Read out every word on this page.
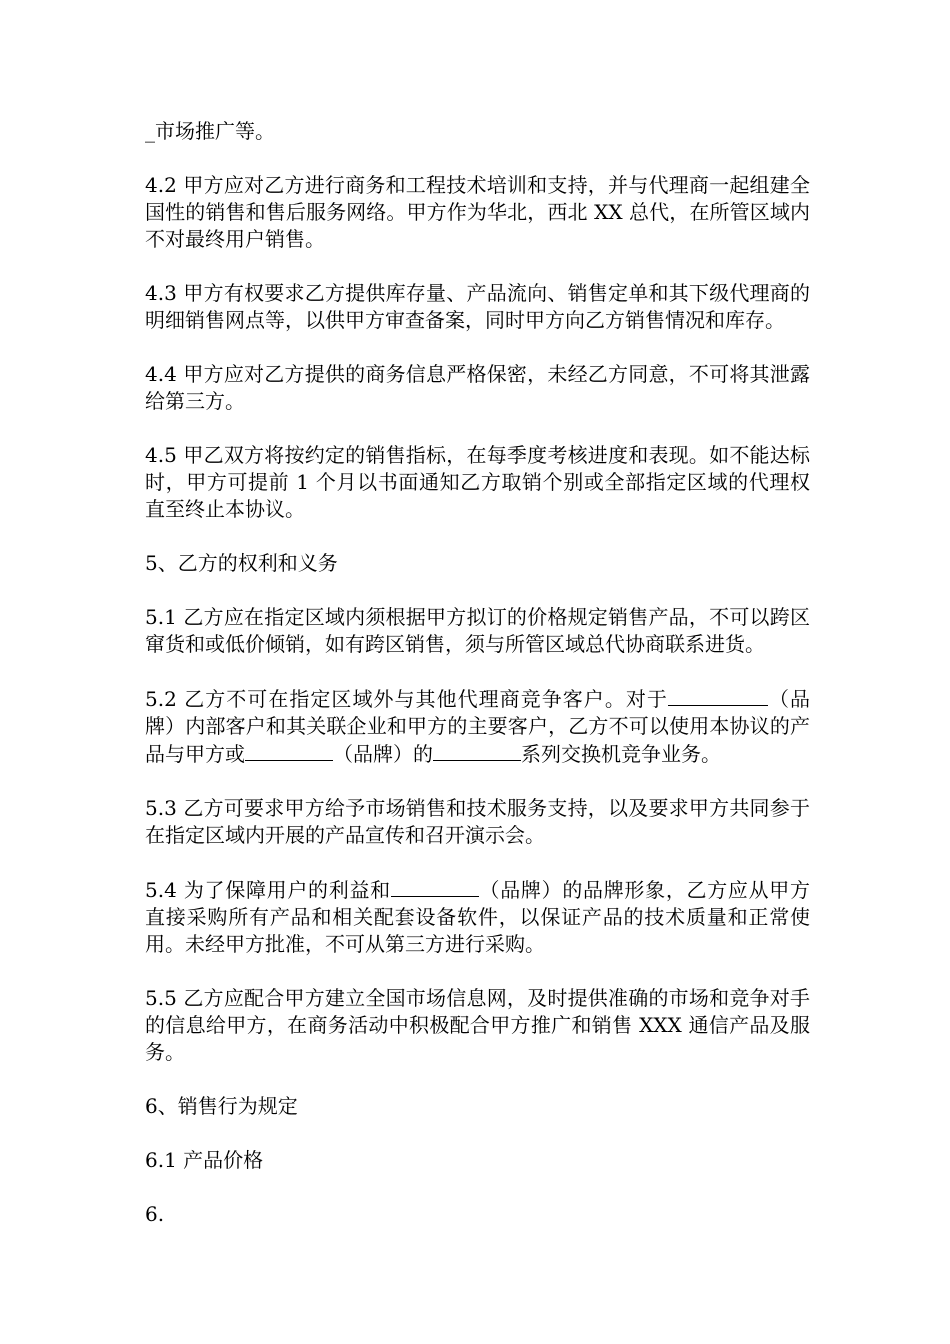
_市场推广等。

4.2 甲方应对乙方进行商务和工程技术培训和支持，并与代理商一起组建全国性的销售和售后服务网络。甲方作为华北，西北 XX 总代，在所管区域内不对最终用户销售。

4.3 甲方有权要求乙方提供库存量、产品流向、销售定单和其下级代理商的明细销售网点等，以供甲方审查备案，同时甲方向乙方销售情况和库存。

4.4 甲方应对乙方提供的商务信息严格保密，未经乙方同意，不可将其泄露给第三方。

4.5 甲乙双方将按约定的销售指标，在每季度考核进度和表现。如不能达标时，甲方可提前 1 个月以书面通知乙方取销个别或全部指定区域的代理权直至终止本协议。

5、乙方的权利和义务

5.1 乙方应在指定区域内须根据甲方拟订的价格规定销售产品，不可以跨区窜货和或低价倾销，如有跨区销售，须与所管区域总代协商联系进货。

5.2 乙方不可在指定区域外与其他代理商竞争客户。对于	（品牌）内部客户和其关联企业和甲方的主要客户，乙方不可以使用本协议的产品与甲方或	（品牌）的	系列交换机竞争业务。

5.3 乙方可要求甲方给予市场销售和技术服务支持，以及要求甲方共同参于在指定区域内开展的产品宣传和召开演示会。

5.4 为了保障用户的利益和	（品牌）的品牌形象，乙方应从甲方直接采购所有产品和相关配套设备软件，以保证产品的技术质量和正常使用。未经甲方批准，不可从第三方进行采购。

5.5 乙方应配合甲方建立全国市场信息网，及时提供准确的市场和竞争对手的信息给甲方，在商务活动中积极配合甲方推广和销售 XXX 通信产品及服务。

6、销售行为规定

6.1 产品价格

6.
